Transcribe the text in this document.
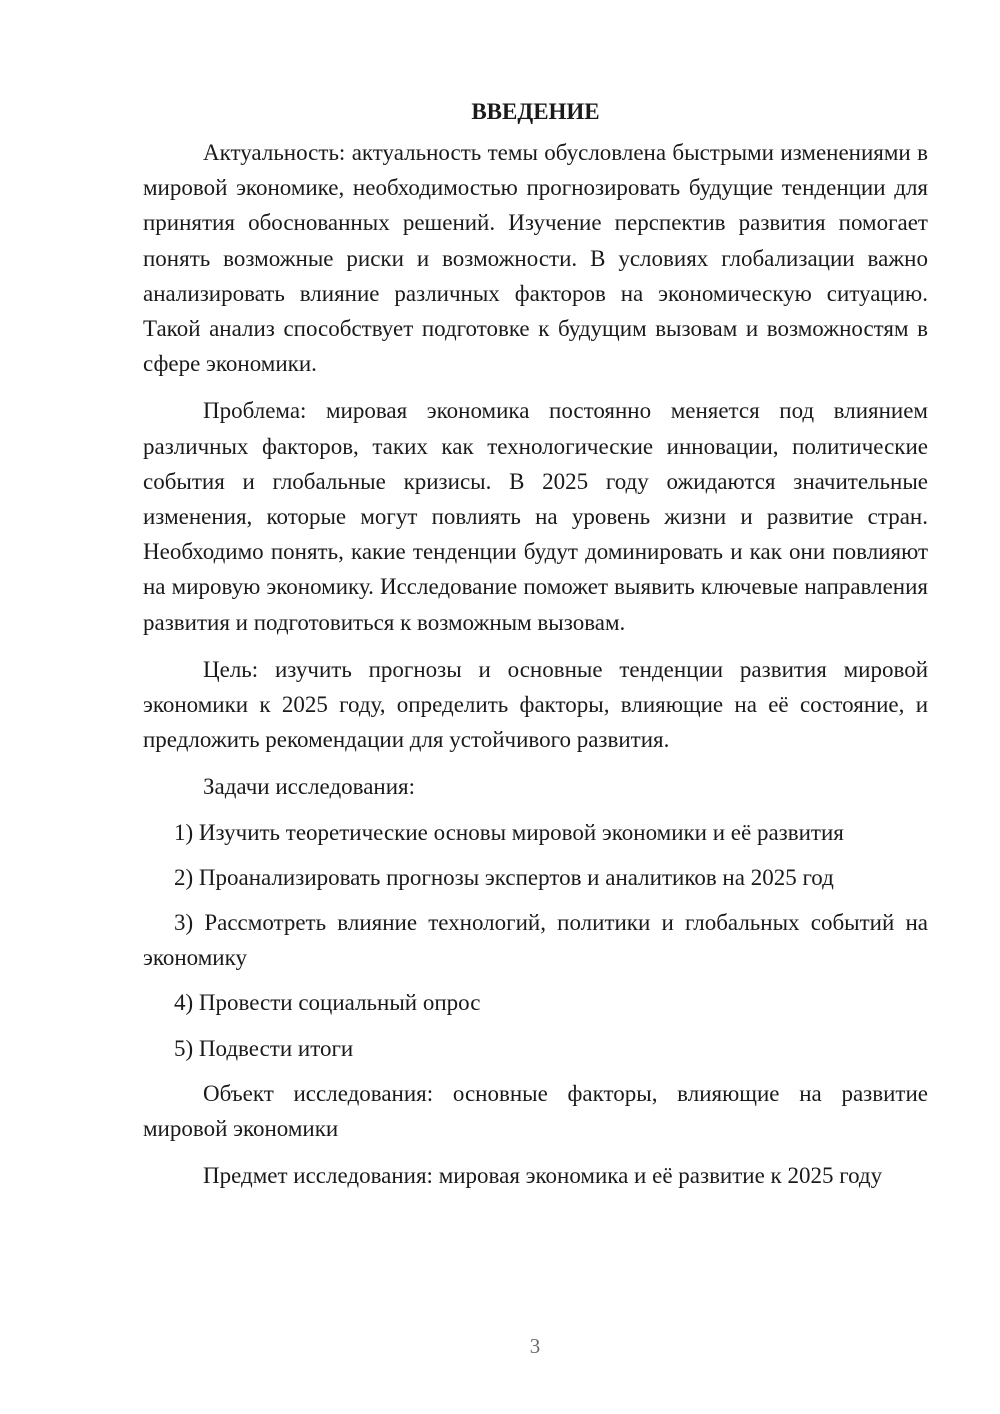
ВВЕДЕНИЕ

Актуальность: актуальность темы обусловлена быстрыми изменениями в мировой экономике, необходимостью прогнозировать будущие тенденции для принятия обоснованных решений. Изучение перспектив развития помогает понять возможные риски и возможности. В условиях глобализации важно анализировать влияние различных факторов на экономическую ситуацию. Такой анализ способствует подготовке к будущим вызовам и возможностям в сфере экономики.

Проблема: мировая экономика постоянно меняется под влиянием различных факторов, таких как технологические инновации, политические события и глобальные кризисы. В 2025 году ожидаются значительные изменения, которые могут повлиять на уровень жизни и развитие стран. Необходимо понять, какие тенденции будут доминировать и как они повлияют на мировую экономику. Исследование поможет выявить ключевые направления развития и подготовиться к возможным вызовам.

Цель: изучить прогнозы и основные тенденции развития мировой экономики к 2025 году, определить факторы, влияющие на её состояние, и предложить рекомендации для устойчивого развития.

Задачи исследования:

1) Изучить теоретические основы мировой экономики и её развития

2) Проанализировать прогнозы экспертов и аналитиков на 2025 год

3) Рассмотреть влияние технологий, политики и глобальных событий на экономику

4) Провести социальный опрос

5) Подвести итоги

Объект исследования: основные факторы, влияющие на развитие мировой экономики

Предмет исследования: мировая экономика и её развитие к 2025 году

3
